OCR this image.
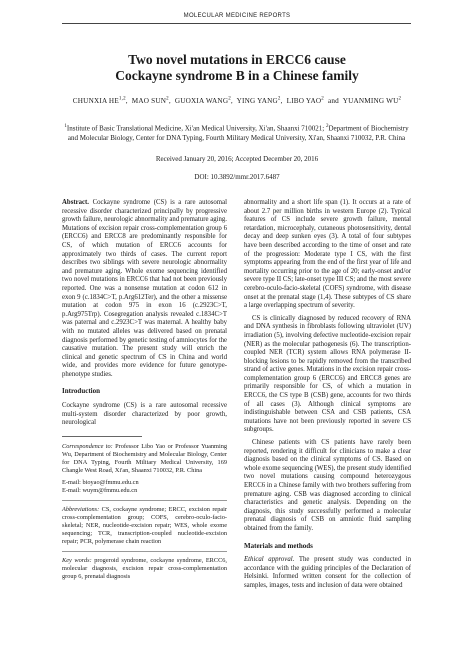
MOLECULAR MEDICINE REPORTS
Two novel mutations in ERCC6 cause
Cockayne syndrome B in a Chinese family
CHUNXIA HE$^{1,2}$,  MAO SUN$^2$,  GUOXIA WANG$^2$,  YING YANG$^2$,  LIBO YAO$^2$  and  YUANMING $WU^2$
$^1$Institute of Basic Translational Medicine, Xi'an Medical University, Xi'an, Shaanxi 710021; $^2$Department of Biochemistry and Molecular Biology, Center for DNA Typing, Fourth Military Medical University, Xi'an, Shaanxi 710032, P.R. China
Received January 20, 2016; Accepted December 20, 2016
DOI: 10.3892/mmr.2017.6487

Abstract. Cockayne syndrome (CS) is a rare autosomal recessive disorder characterized principally by progressive growth failure, neurologic abnormality and premature aging. Mutations of excision repair cross-complementation group 6 (ERCC6) and ERCC8 are predominantly responsible for CS, of which mutation of ERCC6 accounts for approximately two thirds of cases. The current report describes two siblings with severe neurologic abnormality and premature aging. Whole exome sequencing identified two novel mutations in ERCC6 that had not been previously reported. One was a nonsense mutation at codon 612 in exon 9 (c.1834C>T, p.Arg612Ter), and the other a missense mutation at codon 975 in exon 16 (c.2923C>T, p.Arg975Trp). Cosegregation analysis revealed c.1834C>T was paternal and c.2923C>T was maternal. A healthy baby with no mutated alleles was delivered based on prenatal diagnosis performed by genetic testing of amniocytes for the causative mutation. The present study will enrich the clinical and genetic spectrum of CS in China and world wide, and provides more evidence for future genotype-phenotype studies.

Introduction

Cockayne syndrome (CS) is a rare autosomal recessive multi-system disorder characterized by poor growth, neurological

Correspondence to: Professor Libo Yao or Professor Yuanming Wu, Department of Biochemistry and Molecular Biology, Center for DNA Typing, Fourth Military Medical University, 169 Changle West Road, Xi'an, Shaanxi 710032, P.R. China

E-mail: bioyao@fmmu.edu.cn

E-mail: wuym@fmmu.edu.cn

Abbreviations: CS, cockayne syndrome; ERCC, excision repair cross-complementation group; COFS, cerebro-oculo-facio-skeletal; NER, nucleotide-excision repair; WES, whole exome sequencing; TCR, transcription-coupled nucleotide-excision repair; PCR, polymerase chain reaction

Key words: progeroid syndrome, cockayne syndrome, ERCC6, molecular diagnosis, excision repair cross-complementation group 6, prenatal diagnosis

abnormality and a short life span (1). It occurs at a rate of about 2.7 per million births in western Europe (2). Typical features of CS include severe growth failure, mental retardation, microcephaly, cutaneous photosensitivity, dental decay and deep sunken eyes (3). A total of four subtypes have been described according to the time of onset and rate of the progression: Moderate type I CS, with the first symptoms appearing from the end of the first year of life and mortality occurring prior to the age of 20; early-onset and/or severe type II CS; late-onset type III CS; and the most severe cerebro-oculo-facio-skeletal (COFS) syndrome, with disease onset at the prenatal stage (1,4). These subtypes of CS share a large overlapping spectrum of severity.

CS is clinically diagnosed by reduced recovery of RNA and DNA synthesis in fibroblasts following ultraviolet (UV) irradiation (5), involving defective nucleotide-excision repair (NER) as the molecular pathogenesis (6). The transcription-coupled NER (TCR) system allows RNA polymerase II-blocking lesions to be rapidly removed from the transcribed strand of active genes. Mutations in the excision repair cross-complementation group 6 (ERCC6) and ERCC8 genes are primarily responsible for CS, of which a mutation in ERCC6, the CS type B (CSB) gene, accounts for two thirds of all cases (3). Although clinical symptoms are indistinguishable between CSA and CSB patients, CSA mutations have not been previously reported in severe CS subgroups.

Chinese patients with CS patients have rarely been reported, rendering it difficult for clinicians to make a clear diagnosis based on the clinical symptoms of CS. Based on whole exome sequencing (WES), the present study identified two novel mutations causing compound heterozygous ERCC6 in a Chinese family with two brothers suffering from premature aging. CSB was diagnosed according to clinical characteristics and genetic analysis. Depending on the diagnosis, this study successfully performed a molecular prenatal diagnosis of CSB on amniotic fluid sampling obtained from the family.

Materials and methods

Ethical approval. The present study was conducted in accordance with the guiding principles of the Declaration of Helsinki. Informed written consent for the collection of samples, images, tests and inclusion of data were obtained
